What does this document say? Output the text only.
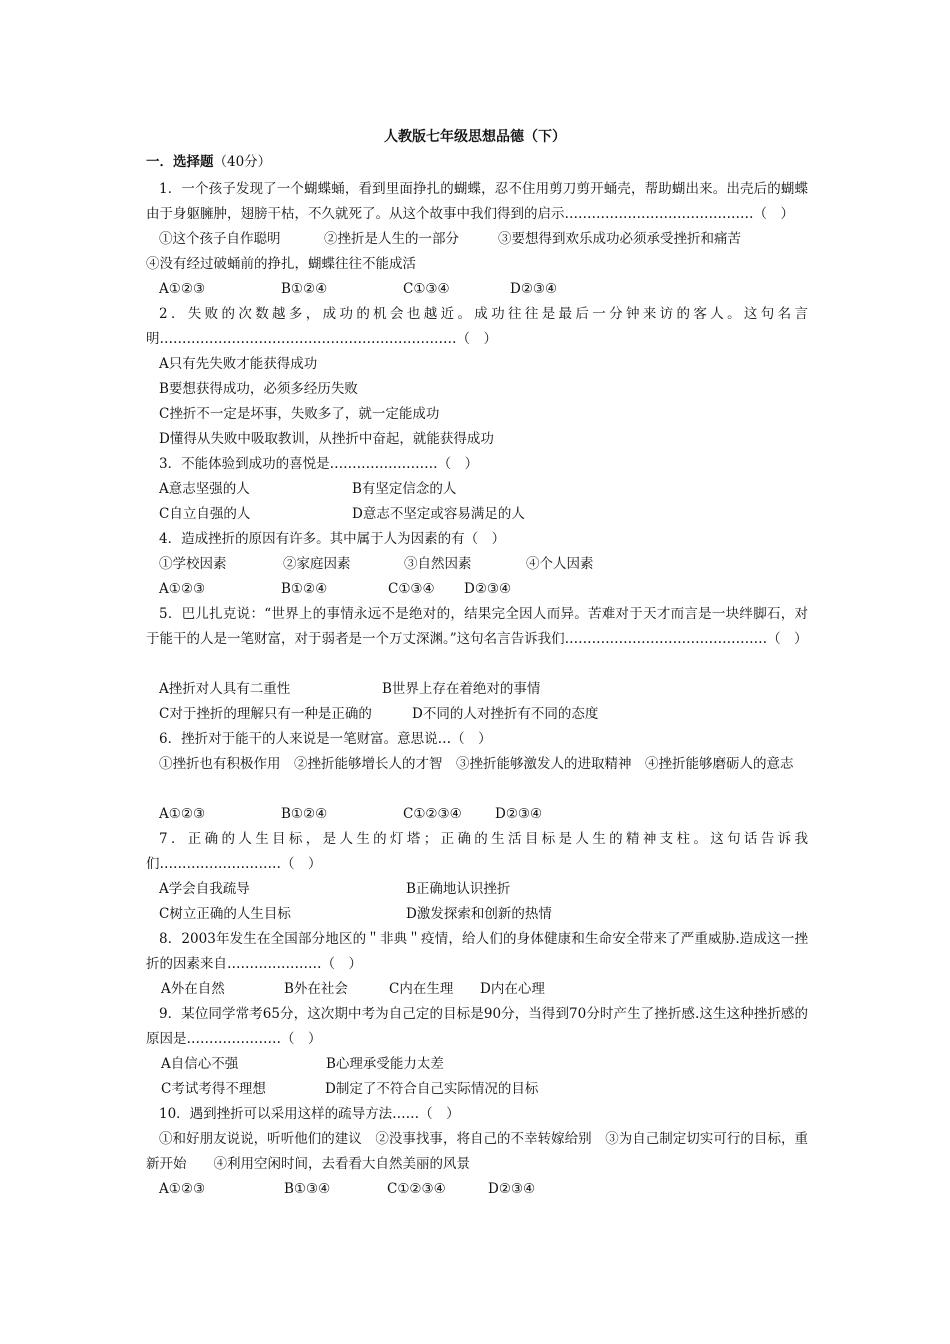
人教版七年级思想品德（下）
一．选择题（40分）

1．一个孩子发现了一个蝴蝶蛹，看到里面挣扎的蝴蝶，忍不住用剪刀剪开蛹壳，帮助蝴出来。出壳后的蝴蝶由于身躯臃肿，翅膀干枯，不久就死了。从这个故事中我们得到的启示……………………………………（　）

①这个孩子自作聪明	②挫折是人生的一部分	③要想得到欢乐成功必须承受挫折和痛苦
④没有经过破蛹前的挣扎，蝴蝶往往不能成活
A①②③	B①②④	C①③④	D②③④

2．失败的次数越多，成功的机会也越近。成功往往是最后一分钟来访的客人。这句名言明…………………………………………………………（　）

A只有先失败才能获得成功
B要想获得成功，必须多经历失败
C挫折不一定是坏事，失败多了，就一定能成功
D懂得从失败中吸取教训，从挫折中奋起，就能获得成功

3．不能体验到成功的喜悦是……………………（　）

A意志坚强的人	B有坚定信念的人
C自立自强的人	D意志不坚定或容易满足的人

4．造成挫折的原因有许多。其中属于人为因素的有（　）

①学校因素	②家庭因素	③自然因素	④个人因素
A①②③	B①②④	C①③④ D②③④

5．巴儿扎克说：“世界上的事情永远不是绝对的，结果完全因人而异。苦难对于天才而言是一块绊脚石，对于能干的人是一笔财富，对于弱者是一个万丈深渊。”这句名言告诉我们………………………………………（　）

A挫折对人具有二重性	B世界上存在着绝对的事情
C对于挫折的理解只有一种是正确的	D不同的人对挫折有不同的态度

6．挫折对于能干的人来说是一笔财富。意思说…（　）

①挫折也有积极作用　②挫折能够增长人的才智　③挫折能够激发人的进取精神　④挫折能够磨砺人的意志

A①②③	B①②④	C①②③④ D②③④

7．正确的人生目标，是人生的灯塔；正确的生活目标是人生的精神支柱。这句话告诉我们………………………（　）

A学会自我疏导	B正确地认识挫折
C树立正确的人生目标	D激发探索和创新的热情

8．2003年发生在全国部分地区的＂非典＂疫情，给人们的身体健康和生命安全带来了严重威胁.造成这一挫折的因素来自…………………（　）

A外在自然	B外在社会	C内在生理 D内在心理

9．某位同学常考65分，这次期中考为自己定的目标是90分，当得到70分时产生了挫折感.这生这种挫折感的原因是…………………（　）

A自信心不强	B心理承受能力太差
C考试考得不理想	D制定了不符合自己实际情况的目标

10．遇到挫折可以采用这样的疏导方法……（　）

①和好朋友说说，听听他们的建议　②没事找事，将自己的不幸转嫁给别　③为自己制定切实可行的目标，重新开始　　④利用空闲时间，去看看大自然美丽的风景

A①②③	B①③④	C①②③④	D②③④
